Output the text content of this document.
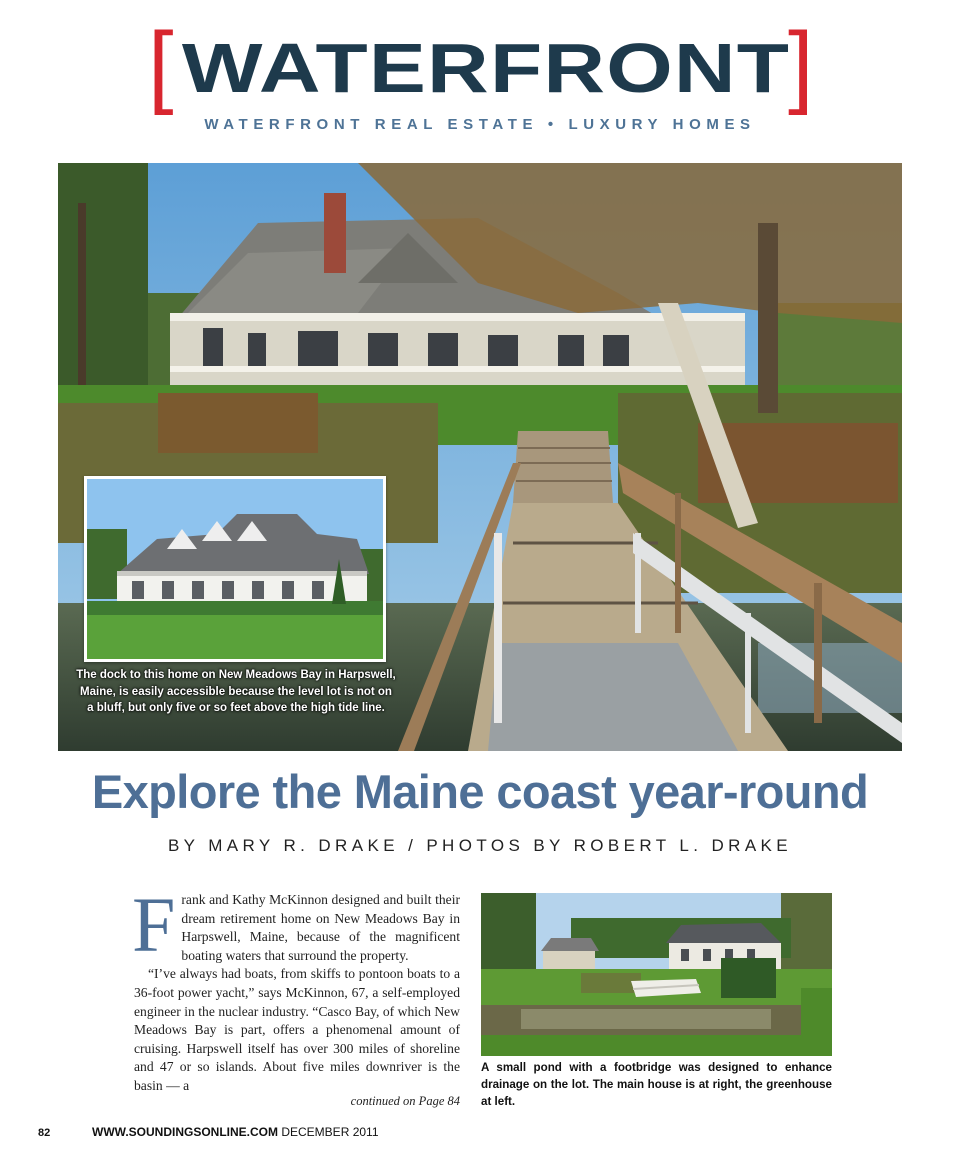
[ WATERFRONT
]
WATERFRONT REAL ESTATE • LUXURY HOMES
The dock to this home on New Meadows Bay in Harpswell, Maine, is easily accessible because the level lot is not on a bluff, but only five or so feet above the high tide line.
Explore the Maine coast year-round
BY MARY R. DRAKE / PHOTOS BY ROBERT L. DRAKE

Frank and Kathy McKinnon designed and built their dream retirement home on New Meadows Bay in Harpswell, Maine, because of the magnificent boating waters that surround the property.

“I’ve always had boats, from skiffs to pontoon boats to a 36-foot power yacht,” says McKinnon, 67, a self-employed engineer in the nuclear industry. “Casco Bay, of which New Meadows Bay is part, offers a phenomenal amount of cruising. Harpswell itself has over 300 miles of shoreline and 47 or so islands. About five miles downriver is the basin — a

continued on Page 84
A small pond with a footbridge was designed to enhance drainage on the lot. The main house is at right, the greenhouse at left.
82	WWW.SOUNDINGSONLINE.COM DECEMBER 2011
